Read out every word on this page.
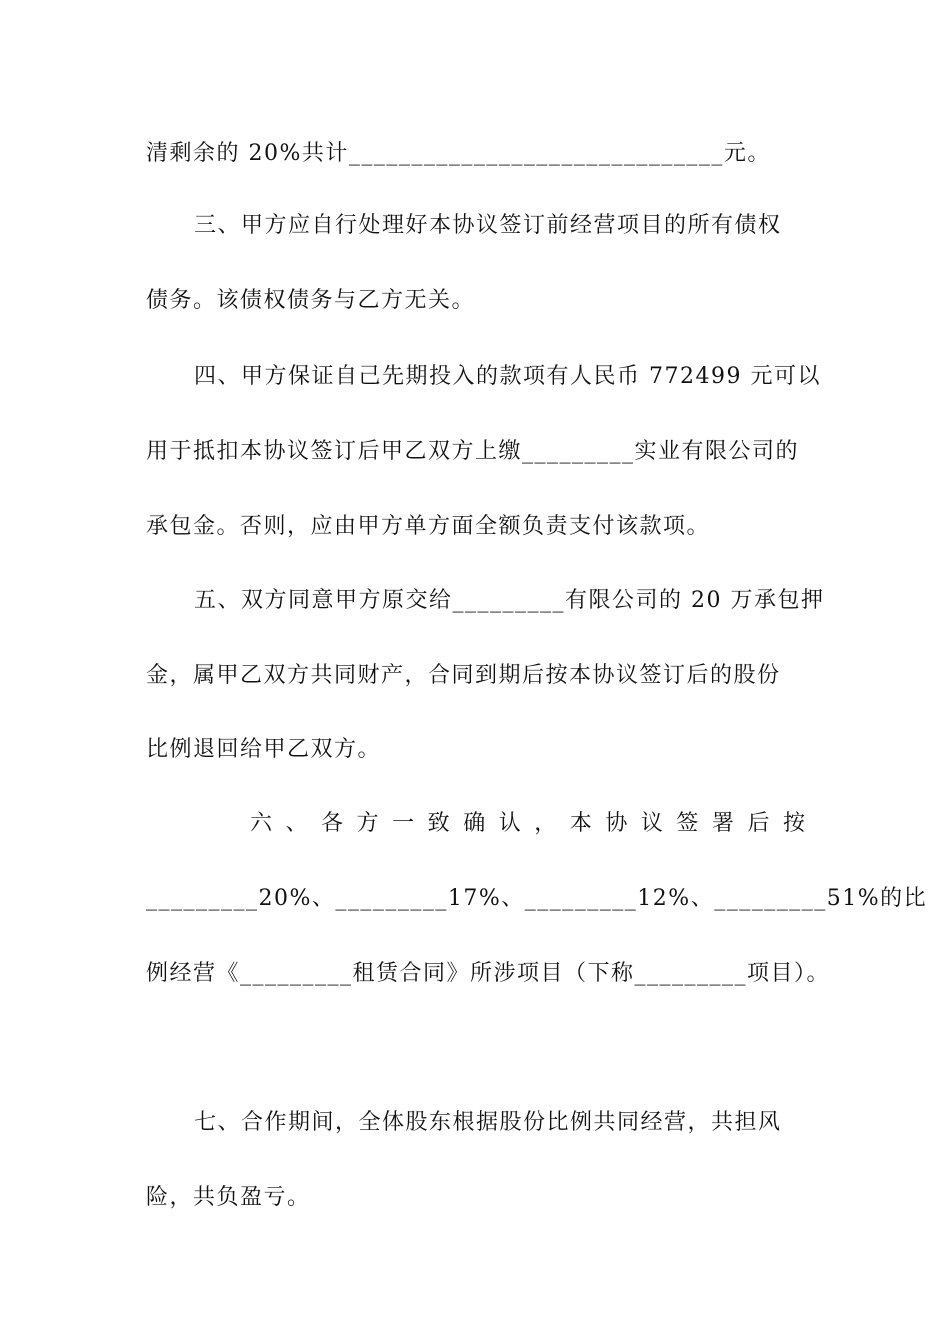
清剩余的 20%共计______________________________元。
三、甲方应自行处理好本协议签订前经营项目的所有债权
债务。该债权债务与乙方无关。
四、甲方保证自己先期投入的款项有人民币 772499 元可以
用于抵扣本协议签订后甲乙双方上缴_________实业有限公司的
承包金。否则，应由甲方单方面全额负责支付该款项。
五、双方同意甲方原交给_________有限公司的 20 万承包押
金，属甲乙双方共同财产，合同到期后按本协议签订后的股份
比例退回给甲乙双方。
六 、 各 方 一 致 确 认 ， 本 协 议 签 署 后 按
_________20%、_________17%、_________12%、_________51%的比
例经营《_________租赁合同》所涉项目（下称_________项目）。
七、合作期间，全体股东根据股份比例共同经营，共担风
险，共负盈亏。
